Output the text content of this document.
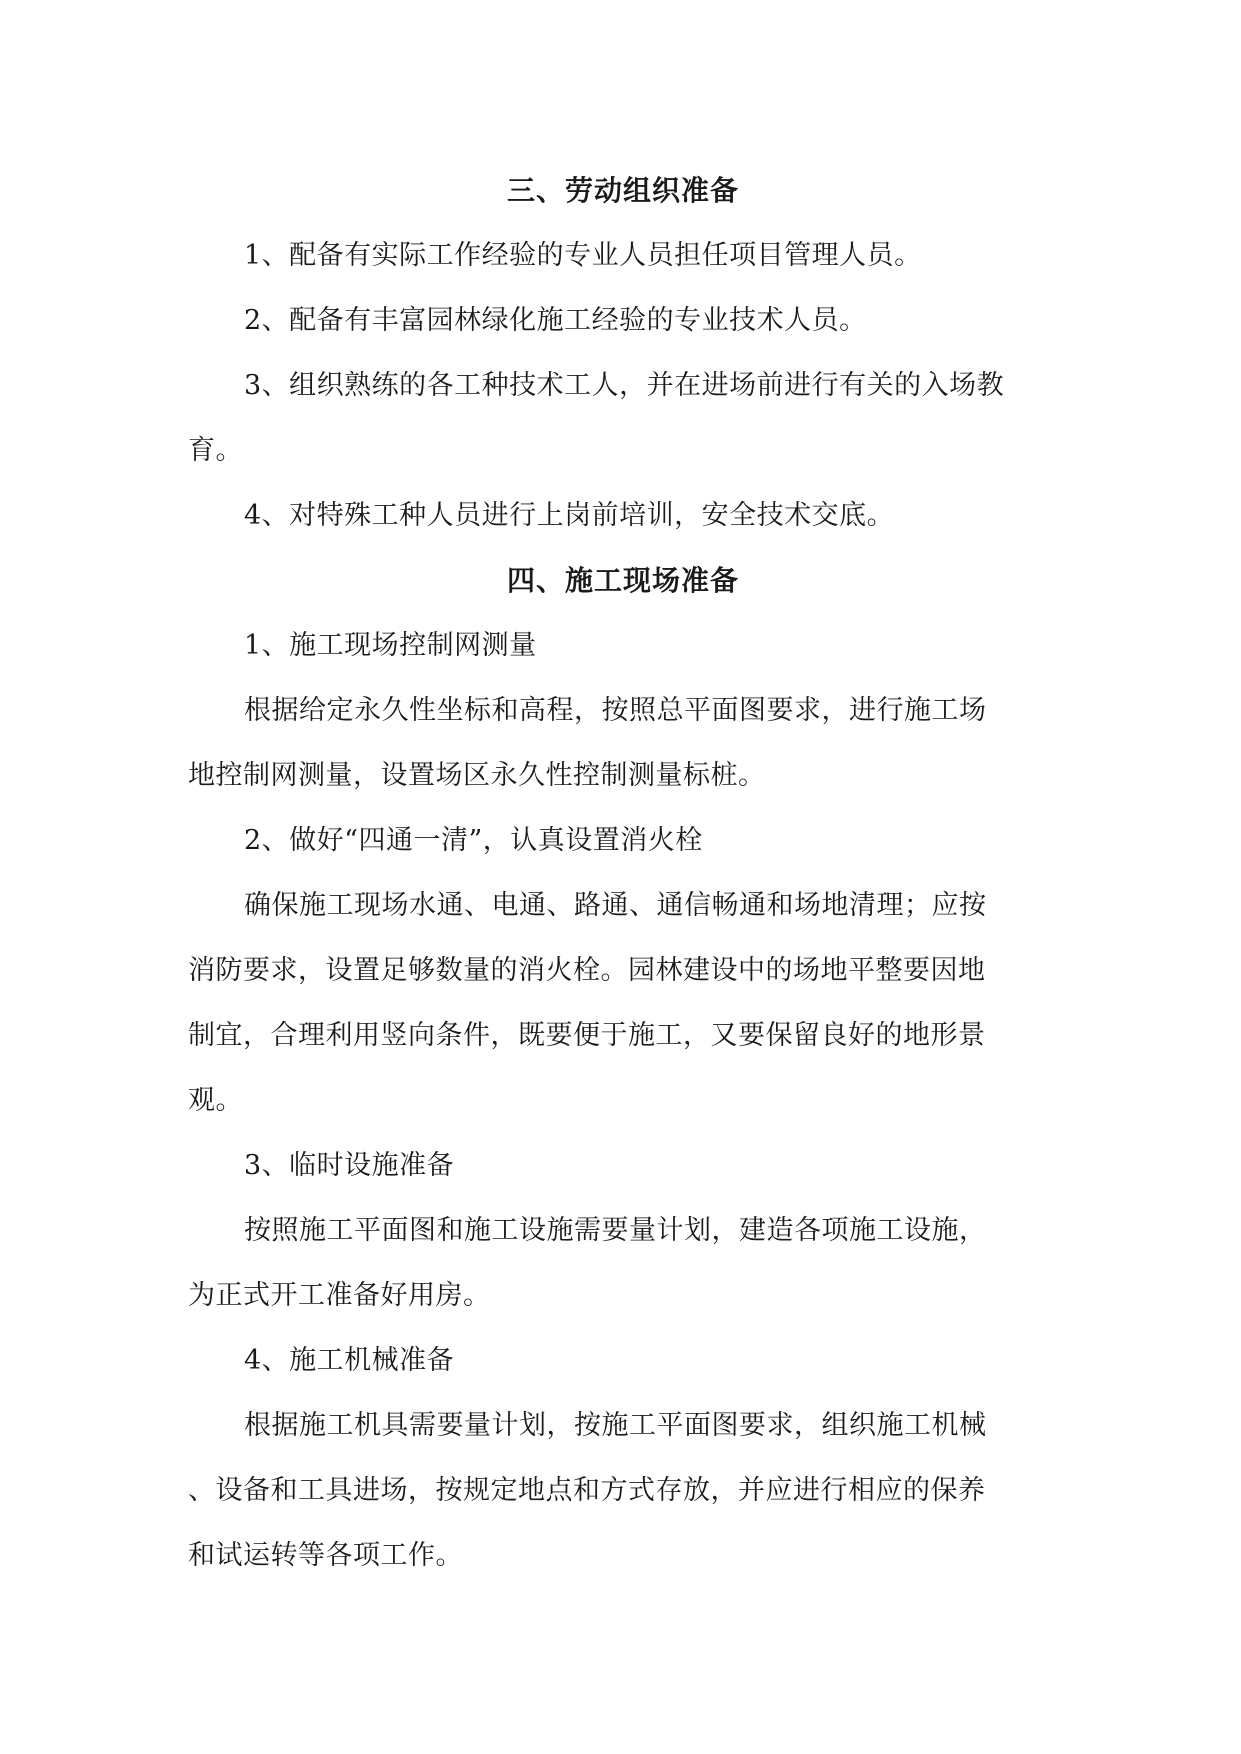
三、劳动组织准备
1、配备有实际工作经验的专业人员担任项目管理人员。
2、配备有丰富园林绿化施工经验的专业技术人员。
3、组织熟练的各工种技术工人，并在进场前进行有关的入场教
育。
4、对特殊工种人员进行上岗前培训，安全技术交底。
四、施工现场准备
1、施工现场控制网测量
根据给定永久性坐标和高程，按照总平面图要求，进行施工场
地控制网测量，设置场区永久性控制测量标桩。
2、做好“四通一清”，认真设置消火栓
确保施工现场水通、电通、路通、通信畅通和场地清理；应按
消防要求，设置足够数量的消火栓。园林建设中的场地平整要因地
制宜，合理利用竖向条件，既要便于施工，又要保留良好的地形景
观。
3、临时设施准备
按照施工平面图和施工设施需要量计划，建造各项施工设施，
为正式开工准备好用房。
4、施工机械准备
根据施工机具需要量计划，按施工平面图要求，组织施工机械
、设备和工具进场，按规定地点和方式存放，并应进行相应的保养
和试运转等各项工作。
